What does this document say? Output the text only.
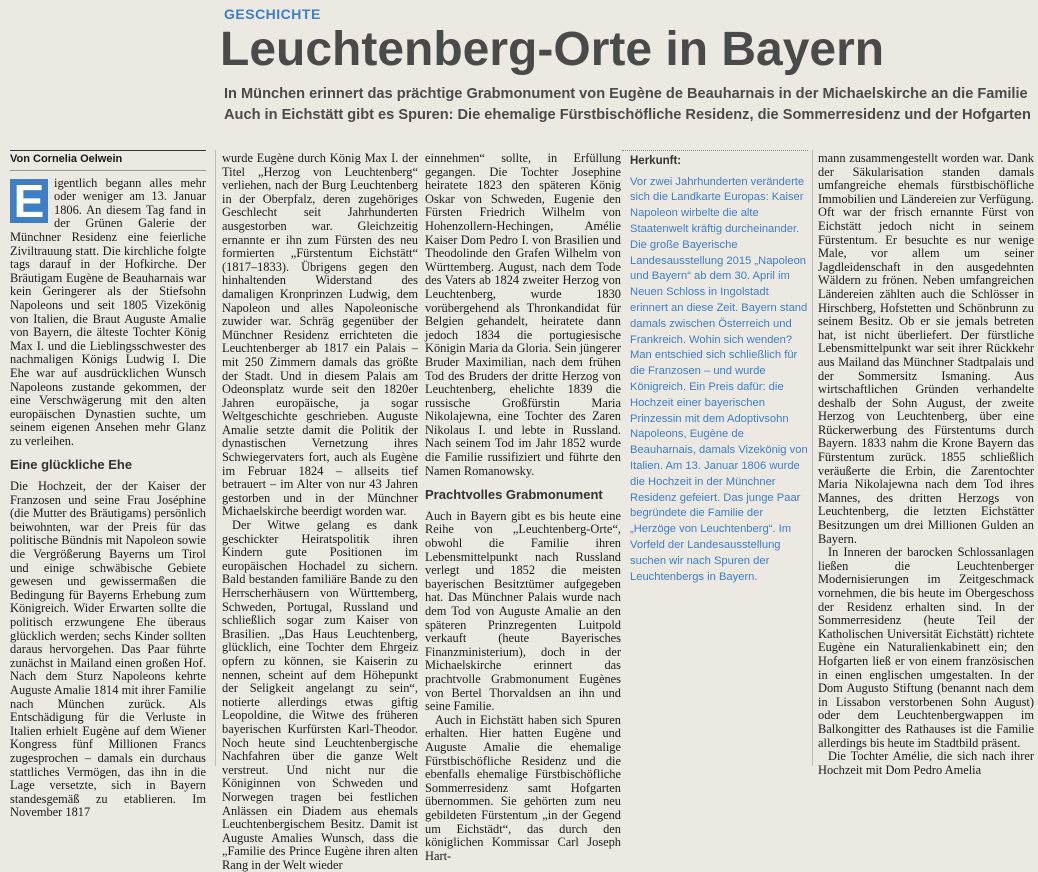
GESCHICHTE
Leuchtenberg-Orte in Bayern
In München erinnert das prächtige Grabmonument von Eugène de Beauharnais in der Michaelskirche an die Familie
Auch in Eichstätt gibt es Spuren: Die ehemalige Fürstbischöfliche Residenz, die Sommerresidenz und der Hofgarten
Von Cornelia Oelwein
E igentlich begann alles mehr oder weniger am 13. Januar 1806. An diesem Tag fand in der Grünen Galerie der Münchner Residenz eine feierliche Ziviltrauung statt. Die kirchliche folgte tags darauf in der Hofkirche. Der Bräutigam Eugène de Beauharnais war kein Geringerer als der Stiefsohn Napoleons und seit 1805 Vizekönig von Italien, die Braut Auguste Amalie von Bayern, die älteste Tochter König Max I. und die Lieblingsschwester des nachmaligen Königs Ludwig I. Die Ehe war auf ausdrücklichen Wunsch Napoleons zustande gekommen, der eine Verschwägerung mit den alten europäischen Dynastien suchte, um seinem eigenen Ansehen mehr Glanz zu verleihen.

Eine glückliche Ehe

Die Hochzeit, der der Kaiser der Franzosen und seine Frau Joséphine (die Mutter des Bräutigams) persönlich beiwohnten, war der Preis für das politische Bündnis mit Napoleon sowie die Vergrößerung Bayerns um Tirol und einige schwäbische Gebiete gewesen und gewissermaßen die Bedingung für Bayerns Erhebung zum Königreich. Wider Erwarten sollte die politisch erzwungene Ehe überaus glücklich werden; sechs Kinder sollten daraus hervorgehen. Das Paar führte zunächst in Mailand einen großen Hof. Nach dem Sturz Napoleons kehrte Auguste Amalie 1814 mit ihrer Familie nach München zurück. Als Entschädigung für die Verluste in Italien erhielt Eugène auf dem Wiener Kongress fünf Millionen Francs zugesprochen – damals ein durchaus stattliches Vermögen, das ihn in die Lage versetzte, sich in Bayern standesgemäß zu etablieren. Im November 1817

wurde Eugène durch König Max I. der Titel „Herzog von Leuchtenberg“ verliehen, nach der Burg Leuchtenberg in der Oberpfalz, deren zugehöriges Geschlecht seit Jahrhunderten ausgestorben war. Gleichzeitig ernannte er ihn zum Fürsten des neu formierten „Fürstentum Eichstätt“ (1817–1833). Übrigens gegen den hinhaltenden Widerstand des damaligen Kronprinzen Ludwig, dem Napoleon und alles Napoleonische zuwider war. Schräg gegenüber der Münchner Residenz errichteten die Leuchtenberger ab 1817 ein Palais – mit 250 Zimmern damals das größte der Stadt. Und in diesem Palais am Odeonsplatz wurde seit den 1820er Jahren europäische, ja sogar Weltgeschichte geschrieben. Auguste Amalie setzte damit die Politik der dynastischen Vernetzung ihres Schwiegervaters fort, auch als Eugène im Februar 1824 – allseits tief betrauert – im Alter von nur 43 Jahren gestorben und in der Münchner Michaelskirche beerdigt worden war.

Der Witwe gelang es dank geschickter Heiratspolitik ihren Kindern gute Positionen im europäischen Hochadel zu sichern. Bald bestanden familiäre Bande zu den Herrscherhäusern von Württemberg, Schweden, Portugal, Russland und schließlich sogar zum Kaiser von Brasilien. „Das Haus Leuchtenberg, glücklich, eine Tochter dem Ehrgeiz opfern zu können, sie Kaiserin zu nennen, scheint auf dem Höhepunkt der Seligkeit angelangt zu sein“, notierte allerdings etwas giftig Leopoldine, die Witwe des früheren bayerischen Kurfürsten Karl-Theodor. Noch heute sind Leuchtenbergische Nachfahren über die ganze Welt verstreut. Und nicht nur die Königinnen von Schweden und Norwegen tragen bei festlichen Anlässen ein Diadem aus ehemals Leuchtenbergischem Besitz. Damit ist Auguste Amalies Wunsch, dass die „Familie des Prince Eugène ihren alten Rang in der Welt wieder

einnehmen“ sollte, in Erfüllung gegangen. Die Tochter Josephine heiratete 1823 den späteren König Oskar von Schweden, Eugenie den Fürsten Friedrich Wilhelm von Hohenzollern-Hechingen, Amélie Kaiser Dom Pedro I. von Brasilien und Theodolinde den Grafen Wilhelm von Württemberg. August, nach dem Tode des Vaters ab 1824 zweiter Herzog von Leuchtenberg, wurde 1830 vorübergehend als Thronkandidat für Belgien gehandelt, heiratete dann jedoch 1834 die portugiesische Königin Maria da Gloria. Sein jüngerer Bruder Maximilian, nach dem frühen Tod des Bruders der dritte Herzog von Leuchtenberg, ehelichte 1839 die russische Großfürstin Maria Nikolajewna, eine Tochter des Zaren Nikolaus I. und lebte in Russland. Nach seinem Tod im Jahr 1852 wurde die Familie russifiziert und führte den Namen Romanowsky.

Prachtvolles Grabmonument

Auch in Bayern gibt es bis heute eine Reihe von „Leuchtenberg-Orte“, obwohl die Familie ihren Lebensmittelpunkt nach Russland verlegt und 1852 die meisten bayerischen Besitztümer aufgegeben hat. Das Münchner Palais wurde nach dem Tod von Auguste Amalie an den späteren Prinzregenten Luitpold verkauft (heute Bayerisches Finanzministerium), doch in der Michaelskirche erinnert das prachtvolle Grabmonument Eugènes von Bertel Thorvaldsen an ihn und seine Familie.

Auch in Eichstätt haben sich Spuren erhalten. Hier hatten Eugène und Auguste Amalie die ehemalige Fürstbischöfliche Residenz und die ebenfalls ehemalige Fürstbischöfliche Sommerresidenz samt Hofgarten übernommen. Sie gehörten zum neu gebildeten Fürstentum „in der Gegend um Eichstädt“, das durch den königlichen Kommissar Carl Joseph Hart-

Herkunft:
Vor zwei Jahrhunderten veränderte sich die Landkarte Europas: Kaiser Napoleon wirbelte die alte Staatenwelt kräftig durcheinander. Die große Bayerische Landesausstellung 2015 „Napoleon und Bayern“ ab dem 30. April im Neuen Schloss in Ingolstadt erinnert an diese Zeit. Bayern stand damals zwischen Österreich und Frankreich. Wohin sich wenden? Man entschied sich schließlich für die Franzosen – und wurde Königreich. Ein Preis dafür: die Hochzeit einer bayerischen Prinzessin mit dem Adoptivsohn Napoleons, Eugène de Beauharnais, damals Vizekönig von Italien. Am 13. Januar 1806 wurde die Hochzeit in der Münchner Residenz gefeiert. Das junge Paar begründete die Familie der „Herzöge von Leuchtenberg“. Im Vorfeld der Landesausstellung suchen wir nach Spuren der Leuchtenbergs in Bayern.

mann zusammengestellt worden war. Dank der Säkularisation standen damals umfangreiche ehemals fürstbischöfliche Immobilien und Ländereien zur Verfügung. Oft war der frisch ernannte Fürst von Eichstätt jedoch nicht in seinem Fürstentum. Er besuchte es nur wenige Male, vor allem um seiner Jagdleidenschaft in den ausgedehnten Wäldern zu frönen. Neben umfangreichen Ländereien zählten auch die Schlösser in Hirschberg, Hofstetten und Schönbrunn zu seinem Besitz. Ob er sie jemals betreten hat, ist nicht überliefert. Der fürstliche Lebensmittelpunkt war seit ihrer Rückkehr aus Mailand das Münchner Stadtpalais und der Sommersitz Ismaning. Aus wirtschaftlichen Gründen verhandelte deshalb der Sohn August, der zweite Herzog von Leuchtenberg, über eine Rückerwerbung des Fürstentums durch Bayern. 1833 nahm die Krone Bayern das Fürstentum zurück. 1855 schließlich veräußerte die Erbin, die Zarentochter Maria Nikolajewna nach dem Tod ihres Mannes, des dritten Herzogs von Leuchtenberg, die letzten Eichstätter Besitzungen um drei Millionen Gulden an Bayern.

In Inneren der barocken Schlossanlagen ließen die Leuchtenberger Modernisierungen im Zeitgeschmack vornehmen, die bis heute im Obergeschoss der Residenz erhalten sind. In der Sommerresidenz (heute Teil der Katholischen Universität Eichstätt) richtete Eugène ein Naturalienkabinett ein; den Hofgarten ließ er von einem französischen in einen englischen umgestalten. In der Dom Augusto Stiftung (benannt nach dem in Lissabon verstorbenen Sohn August) oder dem Leuchtenbergwappen im Balkongitter des Rathauses ist die Familie allerdings bis heute im Stadtbild präsent.

Die Tochter Amélie, die sich nach ihrer Hochzeit mit Dom Pedro Amelia
